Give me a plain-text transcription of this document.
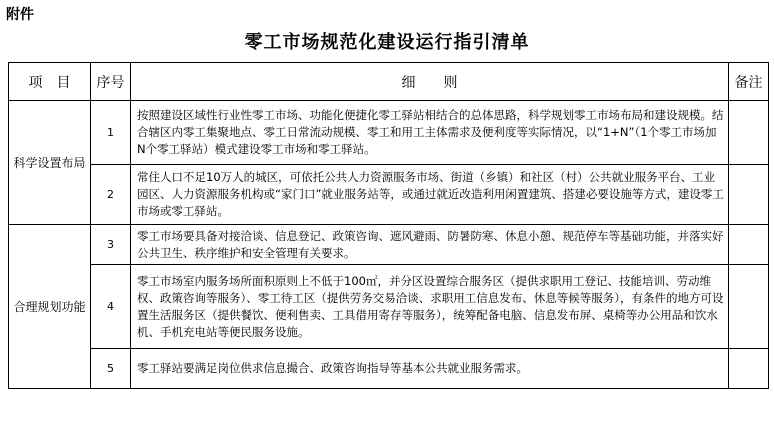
附件
零工市场规范化建设运行指引清单
项　目	序号	细　　则	备注
科学设置布局	1	按照建设区域性行业性零工市场、功能化便捷化零工驿站相结合的总体思路，科学规划零工市场布局和建设规模。结合辖区内零工集聚地点、零工日常流动规模、零工和用工主体需求及便利度等实际情况，以“1+N”（1个零工市场加N个零工驿站）模式建设零工市场和零工驿站。	
	2	常住人口不足10万人的城区，可依托公共人力资源服务市场、街道（乡镇）和社区（村）公共就业服务平台、工业园区、人力资源服务机构或“家门口”就业服务站等，或通过就近改造利用闲置建筑、搭建必要设施等方式，建设零工市场或零工驿站。	
合理规划功能	3	零工市场要具备对接洽谈、信息登记、政策咨询、遮风避雨、防暑防寒、休息小憩、规范停车等基础功能，并落实好公共卫生、秩序维护和安全管理有关要求。	
	4	零工市场室内服务场所面积原则上不低于100㎡，并分区设置综合服务区（提供求职用工登记、技能培训、劳动维权、政策咨询等服务）、零工待工区（提供劳务交易洽谈、求职用工信息发布、休息等候等服务），有条件的地方可设置生活服务区（提供餐饮、便利售卖、工具借用寄存等服务），统筹配备电脑、信息发布屏、桌椅等办公用品和饮水机、手机充电站等便民服务设施。	
	5	零工驿站要满足岗位供求信息撮合、政策咨询指导等基本公共就业服务需求。	
